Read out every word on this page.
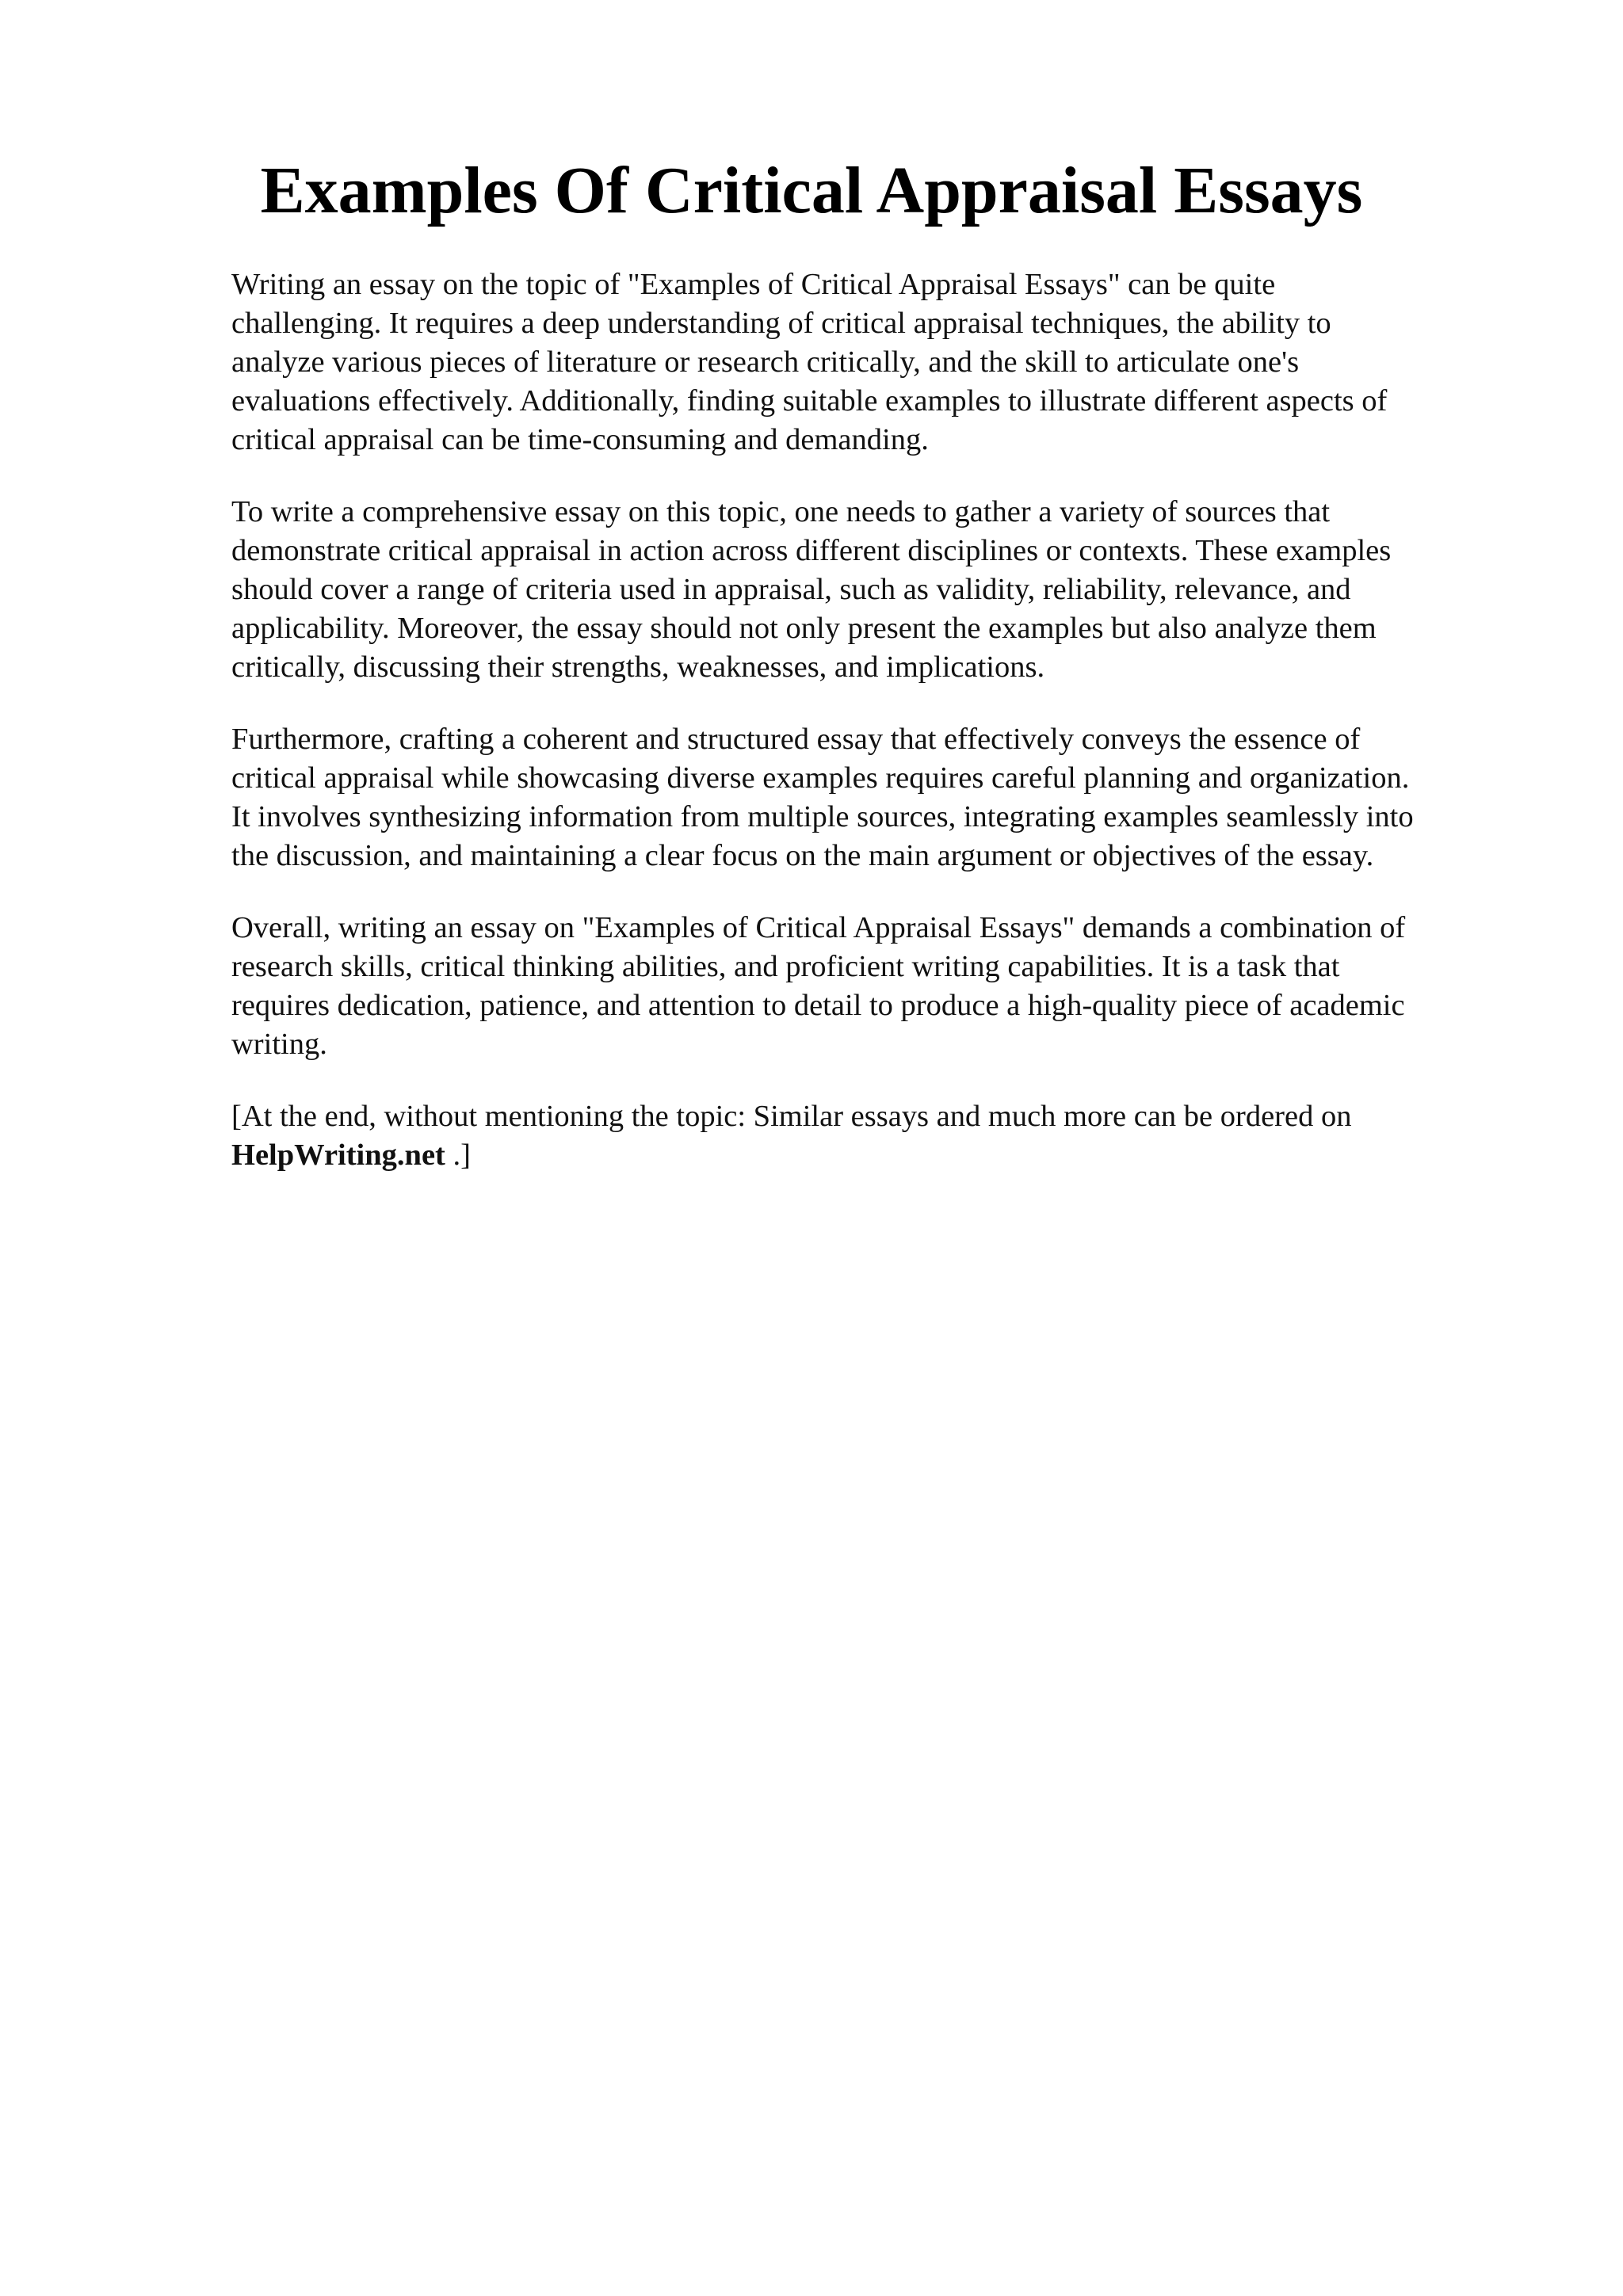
Examples Of Critical Appraisal Essays

Writing an essay on the topic of "Examples of Critical Appraisal Essays" can be quite
challenging. It requires a deep understanding of critical appraisal techniques, the ability to
analyze various pieces of literature or research critically, and the skill to articulate one's
evaluations effectively. Additionally, finding suitable examples to illustrate different aspects of
critical appraisal can be time-consuming and demanding.

To write a comprehensive essay on this topic, one needs to gather a variety of sources that
demonstrate critical appraisal in action across different disciplines or contexts. These examples
should cover a range of criteria used in appraisal, such as validity, reliability, relevance, and
applicability. Moreover, the essay should not only present the examples but also analyze them
critically, discussing their strengths, weaknesses, and implications.

Furthermore, crafting a coherent and structured essay that effectively conveys the essence of
critical appraisal while showcasing diverse examples requires careful planning and organization.
It involves synthesizing information from multiple sources, integrating examples seamlessly into
the discussion, and maintaining a clear focus on the main argument or objectives of the essay.

Overall, writing an essay on "Examples of Critical Appraisal Essays" demands a combination of
research skills, critical thinking abilities, and proficient writing capabilities. It is a task that
requires dedication, patience, and attention to detail to produce a high-quality piece of academic
writing.

[At the end, without mentioning the topic: Similar essays and much more can be ordered on
HelpWriting.net .]
